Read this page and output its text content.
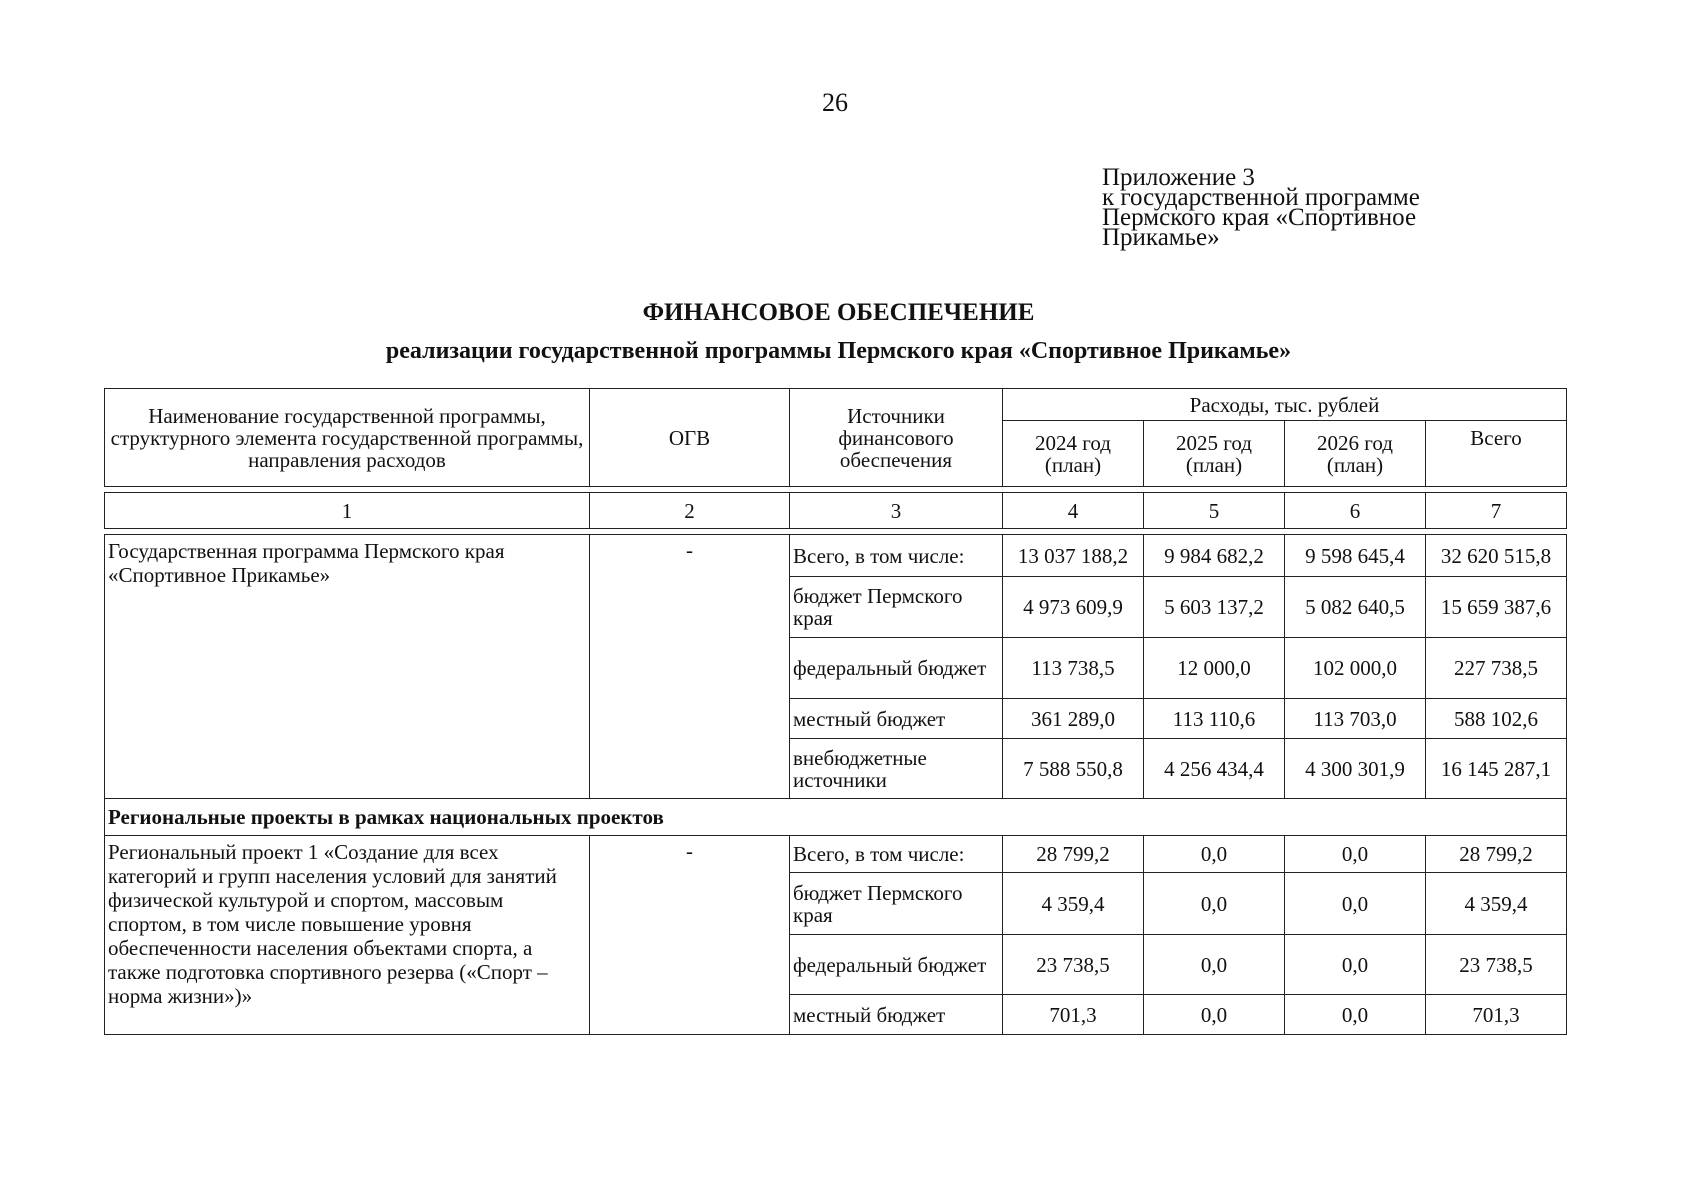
26
Приложение 3
к государственной программе
Пермского края «Спортивное
Прикамье»
ФИНАНСОВОЕ ОБЕСПЕЧЕНИЕ
реализации государственной программы Пермского края «Спортивное Прикамье»
Наименование государственной программы, структурного элемента государственной программы, направления расходов	ОГВ	Источники финансового обеспечения	Расходы, тыс. рублей			
			2024 год (план)	2025 год (план)	2026 год (план)	Всего

1	2	3	4	5	6	7

Государственная программа Пермского края «Спортивное Прикамье»	-	Всего, в том числе:	13 037 188,2	9 984 682,2	9 598 645,4	32 620 515,8
		бюджет Пермского края	4 973 609,9	5 603 137,2	5 082 640,5	15 659 387,6
		федеральный бюджет	113 738,5	12 000,0	102 000,0	227 738,5
		местный бюджет	361 289,0	113 110,6	113 703,0	588 102,6
		внебюджетные источники	7 588 550,8	4 256 434,4	4 300 301,9	16 145 287,1
Региональные проекты в рамках национальных проектов						
Региональный проект 1 «Создание для всех категорий и групп населения условий для занятий физической культурой и спортом, массовым спортом, в том числе повышение уровня обеспеченности населения объектами спорта, а также подготовка спортивного резерва («Спорт – норма жизни»)»	-	Всего, в том числе:	28 799,2	0,0	0,0	28 799,2
		бюджет Пермского края	4 359,4	0,0	0,0	4 359,4
		федеральный бюджет	23 738,5	0,0	0,0	23 738,5
		местный бюджет	701,3	0,0	0,0	701,3
